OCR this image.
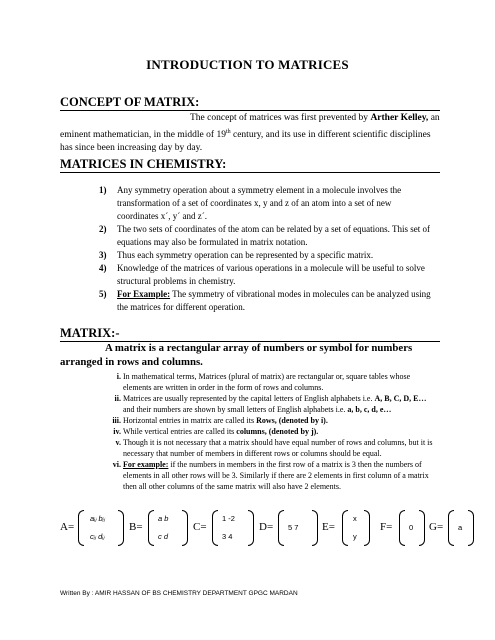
INTRODUCTION TO MATRICES
CONCEPT OF MATRIX:
The concept of matrices was first prevented by Arther Kelley, an eminent mathematician, in the middle of 19th century, and its use in different scientific disciplines has since been increasing day by day.
MATRICES IN CHEMISTRY:
1) Any symmetry operation about a symmetry element in a molecule involves the transformation of a set of coordinates x, y and z of an atom into a set of new coordinates x´, y´ and z´.
2) The two sets of coordinates of the atom can be related by a set of equations. This set of equations may also be formulated in matrix notation.
3) Thus each symmetry operation can be represented by a specific matrix.
4) Knowledge of the matrices of various operations in a molecule will be useful to solve structural problems in chemistry.
5) For Example: The symmetry of vibrational modes in molecules can be analyzed using the matrices for different operation.
MATRIX:-
A matrix is a rectangular array of numbers or symbol for numbers arranged in rows and columns.
i. In mathematical terms, Matrices (plural of matrix) are rectangular or, square tables whose elements are written in order in the form of rows and columns.
ii. Matrices are usually represented by the capital letters of English alphabets i.e. A, B, C, D, E… and their numbers are shown by small letters of English alphabets i.e. a, b, c, d, e…
iii. Horizontal entries in matrix are called its Rows, (denoted by i).
iv. While vertical entries are called its columns, (denoted by j).
v. Though it is not necessary that a matrix should have equal number of rows and columns, but it is necessary that number of members in different rows or columns should be equal.
vi. For example: if the numbers in members in the first row of a matrix is 3 then the numbers of elements in all other rows will be 3. Similarly if there are 2 elements in first column of a matrix then all other columns of the same matrix will also have 2 elements.
A=
aᵢⱼ bᵢⱼ
cᵢⱼ dᵢⱼ
B=
a b
c d
C=
1 -2
3 4
D= 5 7 E=
x
y
F= 0 G= a
Written By : AMIR HASSAN OF BS CHEMISTRY DEPARTMENT GPGC MARDAN
